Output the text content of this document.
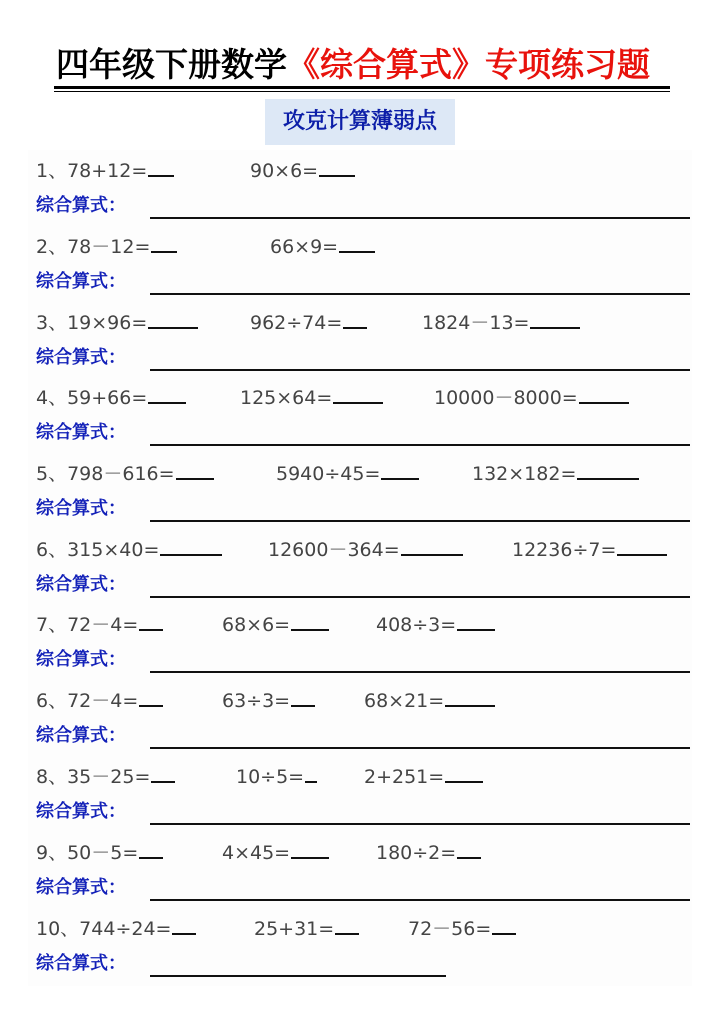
四年级下册数学《综合算式》专项练习题
攻克计算薄弱点
1、78+12=	90×6=
综合算式：
2、78－12=	66×9=
综合算式：
3、19×96=	962÷74=	1824－13=
综合算式：
4、59+66=	125×64=	10000－8000=
综合算式：
5、798－616=	5940÷45=	132×182=
综合算式：
6、315×40=	12600－364=	12236÷7=
综合算式：
7、72－4=	68×6=	408÷3=
综合算式：
6、72－4=	63÷3=	68×21=
综合算式：
8、35－25=	10÷5=	2+251=
综合算式：
9、50－5=	4×45=	180÷2=
综合算式：
10、744÷24=	25+31=	72－56=
综合算式：
